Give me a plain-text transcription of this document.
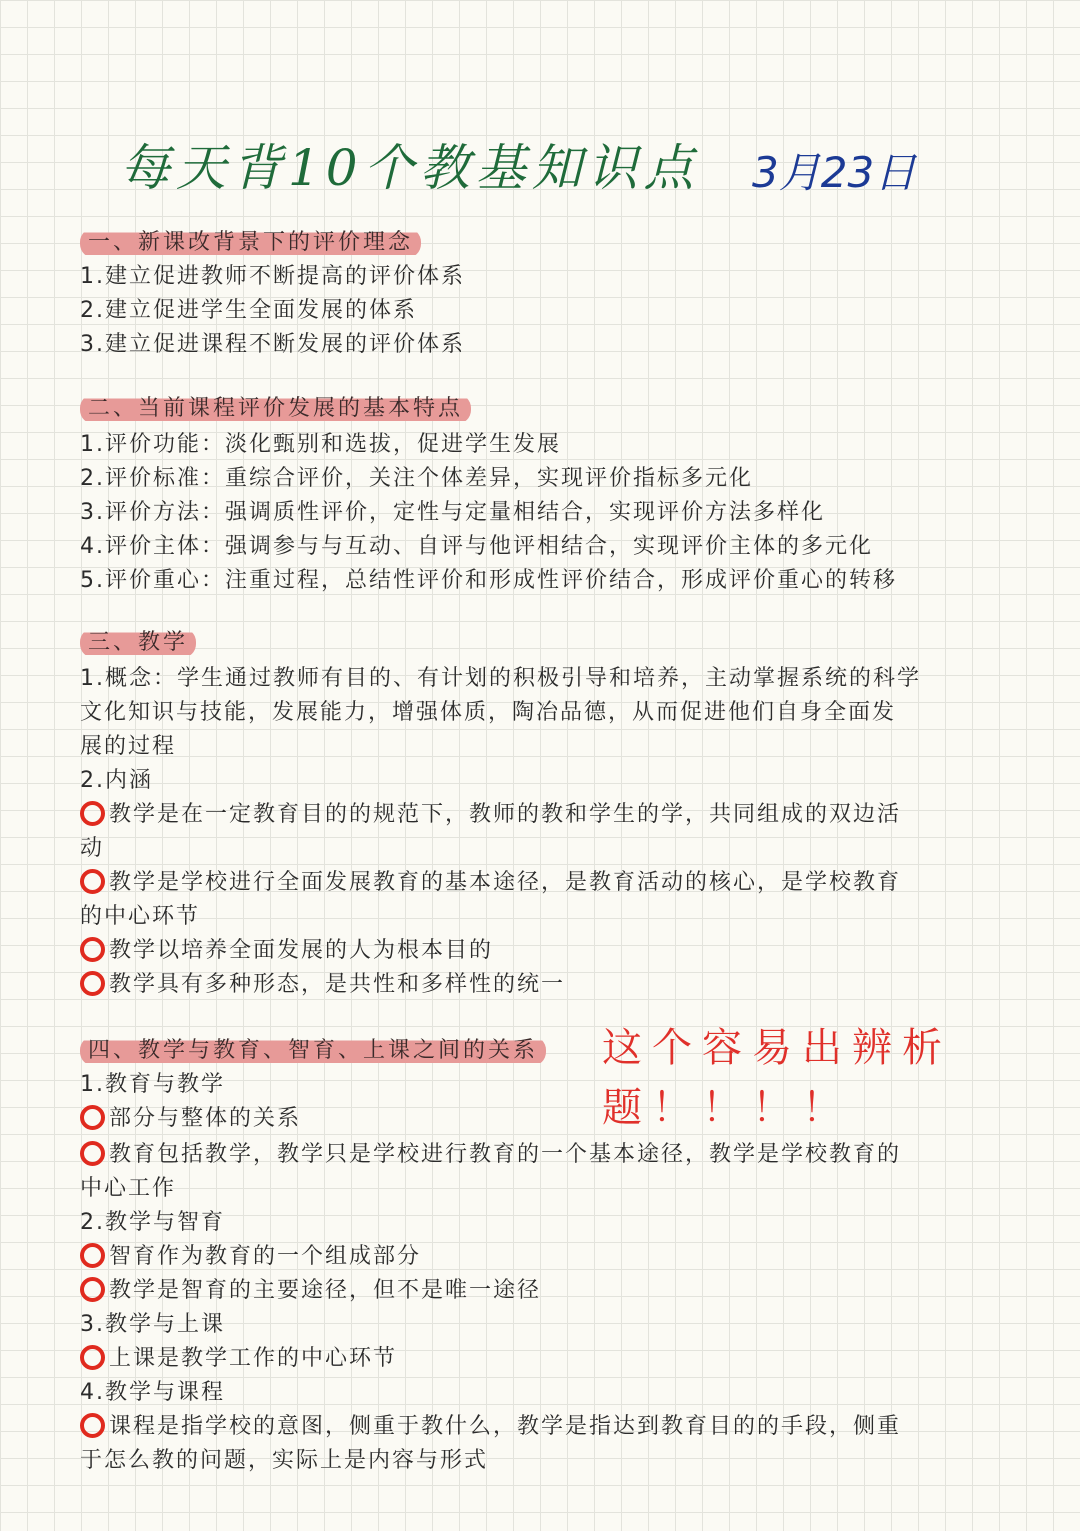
每天背10个教基知识点 3月23日
一、新课改背景下的评价理念
1.建立促进教师不断提高的评价体系
2.建立促进学生全面发展的体系
3.建立促进课程不断发展的评价体系
二、当前课程评价发展的基本特点
1.评价功能：淡化甄别和选拔，促进学生发展
2.评价标准：重综合评价，关注个体差异，实现评价指标多元化
3.评价方法：强调质性评价，定性与定量相结合，实现评价方法多样化
4.评价主体：强调参与与互动、自评与他评相结合，实现评价主体的多元化
5.评价重心：注重过程，总结性评价和形成性评价结合，形成评价重心的转移
三、教学
1.概念：学生通过教师有目的、有计划的积极引导和培养，主动掌握系统的科学
文化知识与技能，发展能力，增强体质，陶冶品德，从而促进他们自身全面发
展的过程
2.内涵
教学是在一定教育目的的规范下，教师的教和学生的学，共同组成的双边活
动
教学是学校进行全面发展教育的基本途径，是教育活动的核心，是学校教育
的中心环节
教学以培养全面发展的人为根本目的
教学具有多种形态，是共性和多样性的统一
四、教学与教育、智育、上课之间的关系
1.教育与教学
部分与整体的关系
教育包括教学，教学只是学校进行教育的一个基本途径，教学是学校教育的
中心工作
2.教学与智育
智育作为教育的一个组成部分
教学是智育的主要途径，但不是唯一途径
3.教学与上课
上课是教学工作的中心环节
4.教学与课程
课程是指学校的意图，侧重于教什么，教学是指达到教育目的的手段，侧重
于怎么教的问题，实际上是内容与形式
这个容易出辨析
题！！！！
